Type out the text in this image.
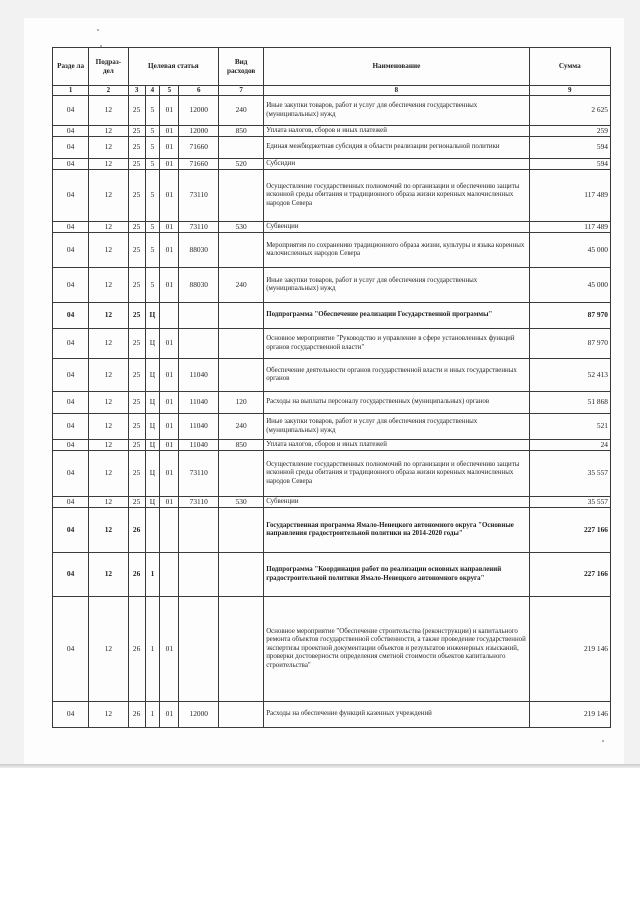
Разде ла	Подраз- дел	Целевая статья				Вид расходов	Наименование	Сумма
1	2	3	4	5	6	7	8	9
04	12	25	5	01	12000	240	Иные закупки товаров, работ и услуг для обеспечения государственных (муниципальных) нужд	2 625
04	12	25	5	01	12000	850	Уплата налогов, сборов и иных платежей	259
04	12	25	5	01	71660		Единая межбюджетная субсидия в области реализации региональной политики	594
04	12	25	5	01	71660	520	Субсидии	594
04	12	25	5	01	73110		Осуществление государственных полномочий по организации и обеспечению защиты исконной среды обитания и традиционного образа жизни коренных малочисленных народов Севера	117 489
04	12	25	5	01	73110	530	Субвенции	117 489
04	12	25	5	01	88030		Мероприятия по сохранению традиционного образа жизни, культуры и языка коренных малочисленных народов Севера	45 000
04	12	25	5	01	88030	240	Иные закупки товаров, работ и услуг для обеспечения государственных (муниципальных) нужд	45 000
04	12	25	Ц				Подпрограмма "Обеспечение реализации Государственной программы"	87 970
04	12	25	Ц	01			Основное мероприятие "Руководство и управление в сфере установленных функций органов государственной власти"	87 970
04	12	25	Ц	01	11040		Обеспечение деятельности органов государственной власти и иных государственных органов	52 413
04	12	25	Ц	01	11040	120	Расходы на выплаты персоналу государственных (муниципальных) органов	51 868
04	12	25	Ц	01	11040	240	Иные закупки товаров, работ и услуг для обеспечения государственных (муниципальных) нужд	521
04	12	25	Ц	01	11040	850	Уплата налогов, сборов и иных платежей	24
04	12	25	Ц	01	73110		Осуществление государственных полномочий по организации и обеспечению защиты исконной среды обитания и традиционного образа жизни коренных малочисленных народов Севера	35 557
04	12	25	Ц	01	73110	530	Субвенции	35 557
04	12	26					Государственная программа Ямало-Ненецкого автономного округа "Основные направления градостроительной политики на 2014-2020 годы"	227 166
04	12	26	1				Подпрограмма "Координация работ по реализации основных направлений градостроительной политики Ямало-Ненецкого автономного округа"	227 166
04	12	26	1	01			Основное мероприятие "Обеспечение строительства (реконструкции) и капитального ремонта объектов государственной собственности, а также проведение государственной экспертизы проектной документации объектов и результатов инженерных изысканий, проверки достоверности определения сметной стоимости объектов капитального строительства"	219 146
04	12	26	1	01	12000		Расходы на обеспечение функций казенных учреждений	219 146
